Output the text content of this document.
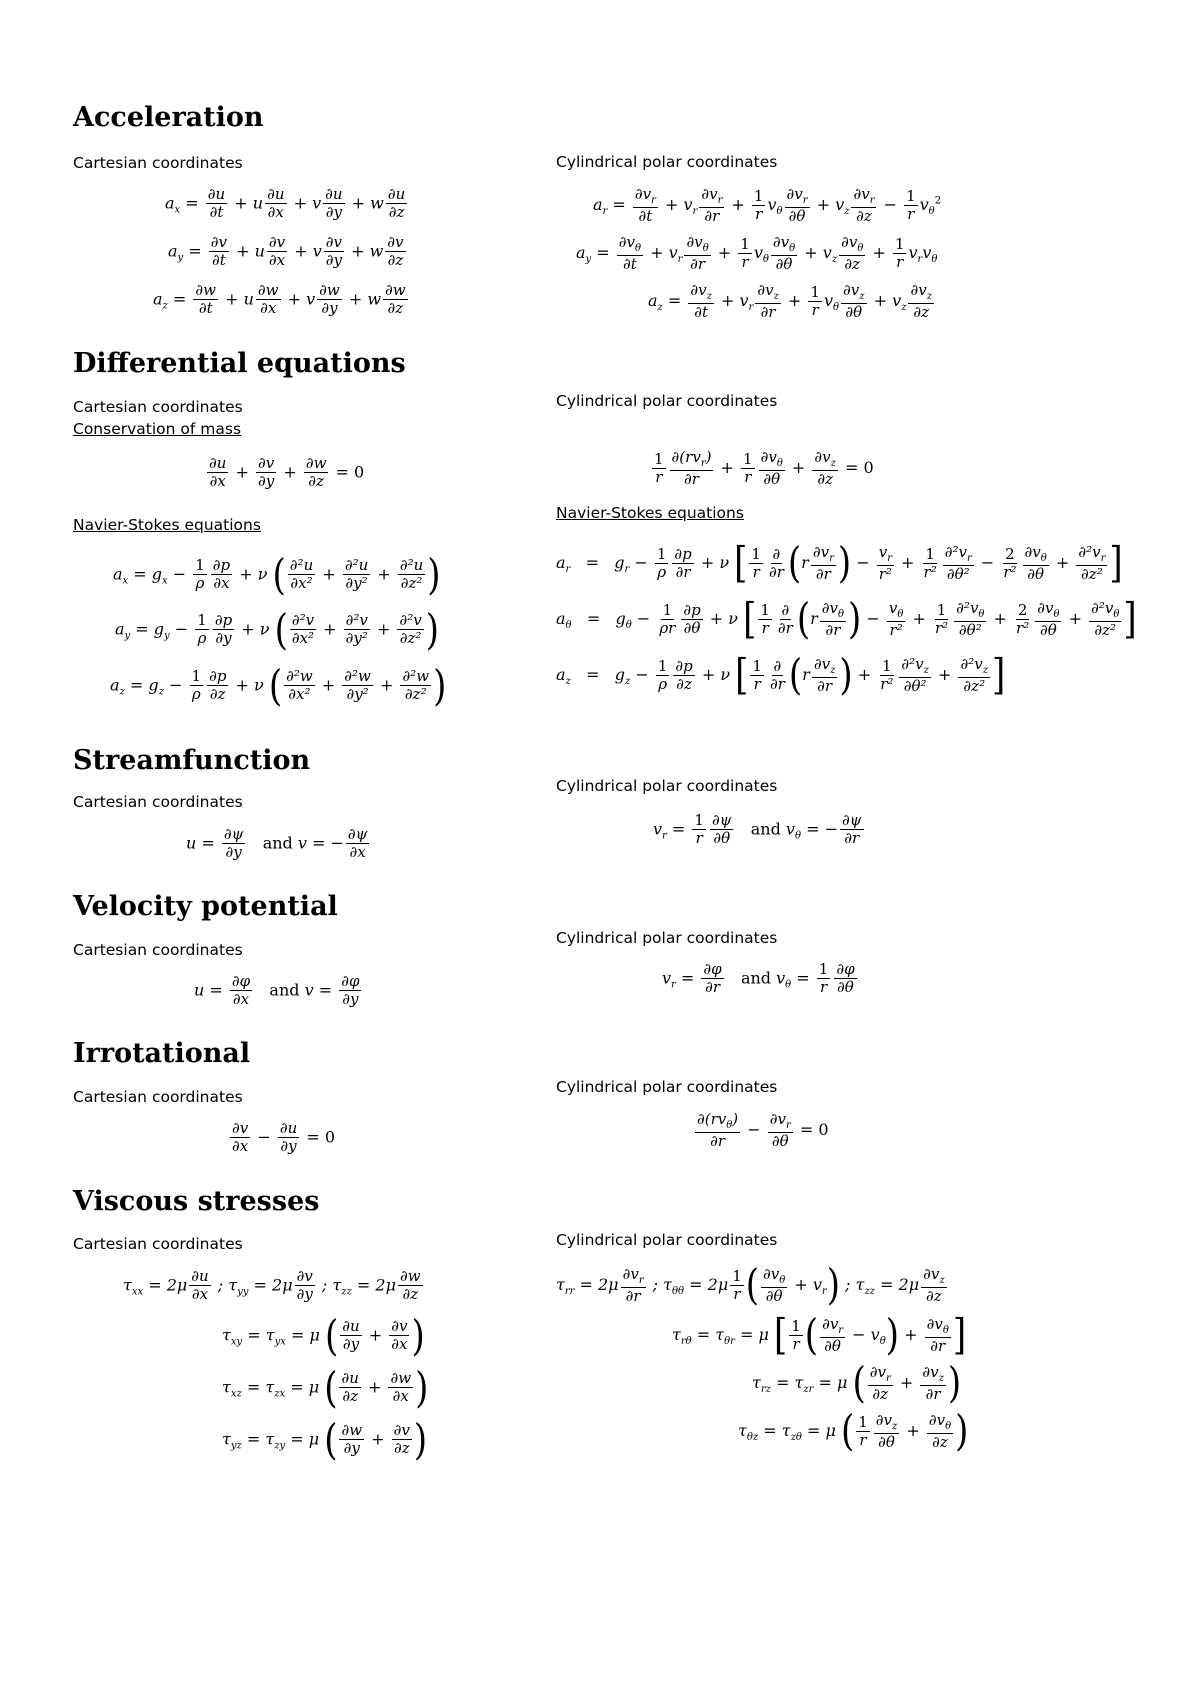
Acceleration
Cartesian coordinates	Cylindrical polar coordinates
$a_x = \frac{\partial u}{\partial t} + u \frac{\partial u}{\partial x} + v \frac{\partial u}{\partial y} + w \frac{\partial u}{\partial z}$
$a_y = \frac{\partial v}{\partial t} + u \frac{\partial v}{\partial x} + v \frac{\partial v}{\partial y} + w \frac{\partial v}{\partial z}$
$a_z = \frac{\partial w}{\partial t} + u \frac{\partial w}{\partial x} + v \frac{\partial w}{\partial y} + w \frac{\partial w}{\partial z}$
$a_r = \frac{\partial v_r}{\partial t} + v_r \frac{\partial v_r}{\partial r} + \frac{1}{r} v_\theta \frac{\partial v_r}{\partial\theta} + v_z \frac{\partial v_r}{\partial z} - \frac{1}{r} v_\theta^2$
$a_y = \frac{\partial v_\theta}{\partial t} + v_r \frac{\partial v_\theta}{\partial r} + \frac{1}{r} v_\theta \frac{\partial v_\theta}{\partial\theta} + v_z \frac{\partial v_\theta}{\partial z} + \frac{1}{r} v_rv_\theta$
$a_z = \frac{\partial v_z}{\partial t} + v_r \frac{\partial v_z}{\partial r} + \frac{1}{r} v_\theta \frac{\partial v_z}{\partial\theta} + v_z \frac{\partial v_z}{\partial z}$
Differential equations
Cartesian coordinates
Conservation of mass
Cylindrical polar coordinates
$\frac{\partial u}{\partial x} + \frac{\partial v}{\partial y} + \frac{\partial w}{\partial z} = 0$	$\frac{1}{r} \frac{\partial(rv_r)}{\partial r} + \frac{1}{r} \frac{\partial v_\theta}{\partial\theta} + \frac{\partial v_z}{\partial z} = 0$
Navier-Stokes equations
Navier-Stokes equations
$a_x = g_x - \frac{1}{\rho} \frac{\partial p}{\partial x} + \nu$ ( $\frac{\text{∂²u}}{\text{∂x²}} + \frac{\text{∂²u}}{\text{∂y²}} + \frac{\text{∂²u}}{\text{∂z²}}$ )
$a_y = g_y - \frac{1}{\rho} \frac{\partial p}{\partial y} + \nu$ ( $\frac{\text{∂²v}}{\text{∂x²}} + \frac{\text{∂²v}}{\text{∂y²}} + \frac{\text{∂²v}}{\text{∂z²}}$ )
$a_z = g_z - \frac{1}{\rho} \frac{\partial p}{\partial z} + \nu$ ( $\frac{\text{∂²w}}{\text{∂x²}} + \frac{\text{∂²w}}{\text{∂y²}} + \frac{\text{∂²w}}{\text{∂z²}}$ )
$a_r = g_r - \frac{1}{\rho} \frac{\partial p}{\partial r} + \nu$ [ $\frac{1}{r} \frac{\partial}{\partial r} (r \frac{\partial v_r}{\partial r}$ ) − $\frac{v_r}{\text{r²}} + \frac{1}{\text{r²}} \frac{\partial^2v_r}{\text{∂θ²}} - \frac{2}{\text{r²}} \frac{\partial v_\theta}{\partial\theta} + \frac{\partial^2v_r}{\text{∂z²}}$ ]
$a_\theta = g_\theta - \frac{1}{\rho r} \frac{\partial p}{\partial\theta} + \nu$ [ $\frac{1}{r} \frac{\partial}{\partial r} (r \frac{\partial v_\theta}{\partial r}$ ) − $\frac{v_\theta}{\text{r²}} + \frac{1}{\text{r²}} \frac{\partial^2v_\theta}{\text{∂θ²}} + \frac{2}{\text{r²}} \frac{\partial v_\theta}{\partial\theta} + \frac{\partial^2v_\theta}{\text{∂z²}}$ ]
$a_z = g_z - \frac{1}{\rho} \frac{\partial p}{\partial z} + \nu$ [ $\frac{1}{r} \frac{\partial}{\partial r} (r \frac{\partial v_z}{\partial r}$ ) + $\frac{1}{\text{r²}} \frac{\partial^2v_z}{\text{∂θ²}} + \frac{\partial^2v_z}{\text{∂z²}}$ ]
Streamfunction
Cartesian coordinates
Cylindrical polar coordinates
$u = \frac{\partial\psi}{\partial y}$ and v = − $\frac{\partial\psi}{\partial x}$	$v_r = \frac{1}{r} \frac{\partial\psi}{\partial\theta}$ and $v_\theta$ = − $\frac{\partial\psi}{\partial r}$
Velocity potential
Cartesian coordinates
Cylindrical polar coordinates
$u = \frac{\partial\varphi}{\partial x}$ and $v = \frac{\partial\varphi}{\partial y}$	$v_r = \frac{\partial\varphi}{\partial r}$ and $v_\theta = \frac{1}{r} \frac{\partial\varphi}{\partial\theta}$
Irrotational
Cartesian coordinates
Cylindrical polar coordinates
$\frac{\partial v}{\partial x} - \frac{\partial u}{\partial y} = 0$	$\frac{\partial(rv_\theta)}{\partial r} - \frac{\partial v_r}{\partial\theta} = 0$
Viscous stresses
Cartesian coordinates	Cylindrical polar coordinates
$\tau_{xx} = 2\mu \frac{\partial u}{\partial x}$ ; $\tau_{yy} = 2\mu \frac{\partial v}{\partial y}$ ; $\tau_{zz} = 2\mu \frac{\partial w}{\partial z}$
$\tau_{xy} = \tau_{yx} = \mu$ ( $\frac{\partial u}{\partial y} + \frac{\partial v}{\partial x}$ )
$\tau_{xz} = \tau_{zx} = \mu$ ( $\frac{\partial u}{\partial z} + \frac{\partial w}{\partial x}$ )
$\tau_{yz} = \tau_{zy} = \mu$ ( $\frac{\partial w}{\partial y} + \frac{\partial v}{\partial z}$ )
$\tau_{rr} = 2\mu \frac{\partial v_r}{\partial r}$ ; $\tau_{\theta\theta} = 2\mu \frac{1}{r}$ ( $\frac{\partial v_\theta}{\partial\theta} + v_r$) ; $\tau_{zz} = 2\mu \frac{\partial v_z}{\partial z}$
$\tau_{r\theta} = \tau_{\theta r} = \mu$ [ $\frac{1}{r}$ ( $\frac{\partial v_r}{\partial\theta} - v_\theta) + \frac{\partial v_\theta}{\partial r}$ ]
$\tau_{rz} = \tau_{zr} = \mu$ ( $\frac{\partial v_r}{\partial z} + \frac{\partial v_z}{\partial r}$ )
$\tau_{\theta z} = \tau_{z\theta} = \mu$ ( $\frac{1}{r} \frac{\partial v_z}{\partial\theta} + \frac{\partial v_\theta}{\partial z}$ )
